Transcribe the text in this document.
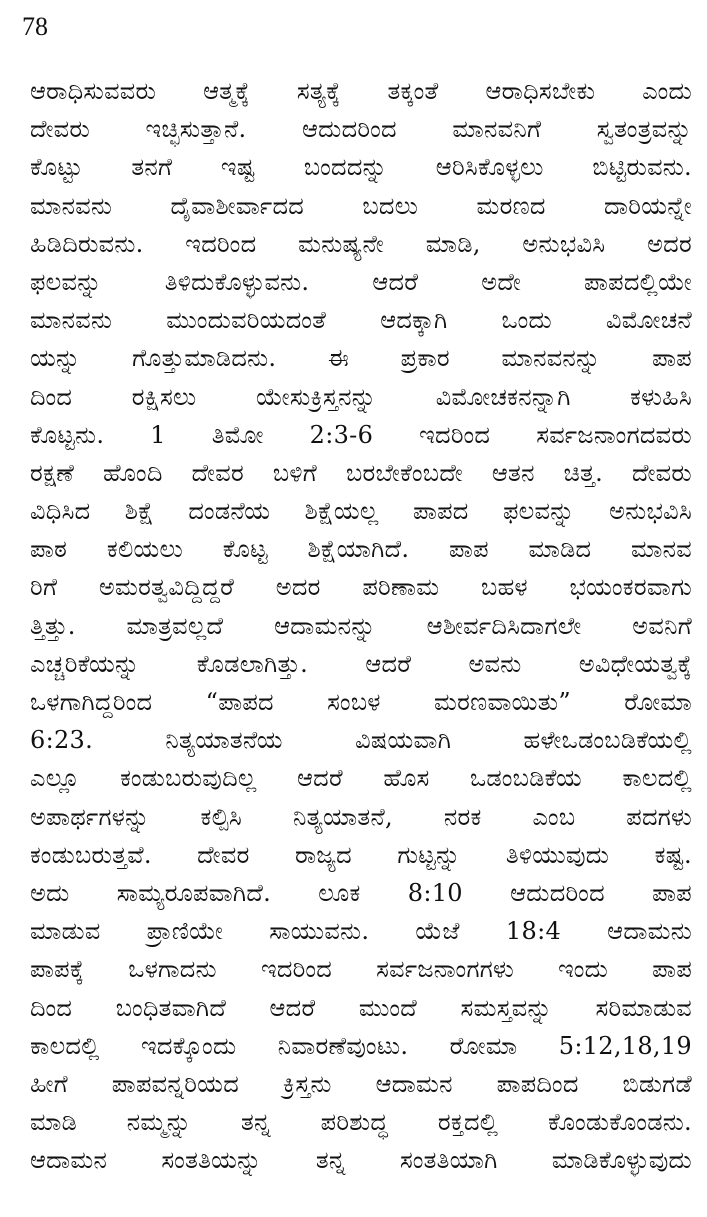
78
ಆರಾಧಿಸುವವರು ಆತ್ಮಕ್ಕೆ ಸತ್ಯಕ್ಕೆ ತಕ್ಕಂತೆ ಆರಾಧಿಸಬೇಕು ಎಂದು
ದೇವರು ಇಚ್ಛಿಸುತ್ತಾನೆ. ಆದುದರಿಂದ ಮಾನವನಿಗೆ ಸ್ವತಂತ್ರವನ್ನು
ಕೊಟ್ಟು ತನಗೆ ಇಷ್ಟ ಬಂದದನ್ನು ಆರಿಸಿಕೊಳ್ಳಲು ಬಿಟ್ಟಿರುವನು.
ಮಾನವನು ದೈವಾಶೀರ್ವಾದದ ಬದಲು ಮರಣದ ದಾರಿಯನ್ನೇ
ಹಿಡಿದಿರುವನು. ಇದರಿಂದ ಮನುಷ್ಯನೇ ಮಾಡಿ, ಅನುಭವಿಸಿ ಅದರ
ಫಲವನ್ನು ತಿಳಿದುಕೊಳ್ಳುವನು. ಆದರೆ ಅದೇ ಪಾಪದಲ್ಲಿಯೇ
ಮಾನವನು ಮುಂದುವರಿಯದಂತೆ ಆದಕ್ಕಾಗಿ ಒಂದು ವಿಮೋಚನೆ
ಯನ್ನು ಗೊತ್ತುಮಾಡಿದನು. ಈ ಪ್ರಕಾರ ಮಾನವನನ್ನು ಪಾಪ
ದಿಂದ ರಕ್ಷಿಸಲು ಯೇಸುಕ್ರಿಸ್ತನನ್ನು ವಿಮೋಚಕನನ್ನಾಗಿ ಕಳುಹಿಸಿ
ಕೊಟ್ಟನು. 1 ತಿಮೋ 2:3-6 ಇದರಿಂದ ಸರ್ವಜನಾಂಗದವರು
ರಕ್ಷಣೆ ಹೊಂದಿ ದೇವರ ಬಳಿಗೆ ಬರಬೇಕೆಂಬದೇ ಆತನ ಚಿತ್ತ. ದೇವರು
ವಿಧಿಸಿದ ಶಿಕ್ಷೆ ದಂಡನೆಯ ಶಿಕ್ಷೆಯಲ್ಲ ಪಾಪದ ಫಲವನ್ನು ಅನುಭವಿಸಿ
ಪಾಠ ಕಲಿಯಲು ಕೊಟ್ಟ ಶಿಕ್ಷೆಯಾಗಿದೆ. ಪಾಪ ಮಾಡಿದ ಮಾನವ
ರಿಗೆ ಅಮರತ್ವವಿದ್ದಿದ್ದರೆ ಅದರ ಪರಿಣಾಮ ಬಹಳ ಭಯಂಕರವಾಗು
ತ್ತಿತ್ತು. ಮಾತ್ರವಲ್ಲದೆ ಆದಾಮನನ್ನು ಆಶೀರ್ವದಿಸಿದಾಗಲೇ ಅವನಿಗೆ
ಎಚ್ಚರಿಕೆಯನ್ನು ಕೊಡಲಾಗಿತ್ತು. ಆದರೆ ಅವನು ಅವಿಧೇಯತ್ವಕ್ಕೆ
ಒಳಗಾಗಿದ್ದರಿಂದ “ಪಾಪದ ಸಂಬಳ ಮರಣವಾಯಿತು” ರೋಮಾ
6:23. ನಿತ್ಯಯಾತನೆಯ ವಿಷಯವಾಗಿ ಹಳೇಒಡಂಬಡಿಕೆಯಲ್ಲಿ
ಎಲ್ಲೂ ಕಂಡುಬರುವುದಿಲ್ಲ ಆದರೆ ಹೊಸ ಒಡಂಬಡಿಕೆಯ ಕಾಲದಲ್ಲಿ
ಅಪಾರ್ಥಗಳನ್ನು ಕಲ್ಪಿಸಿ ನಿತ್ಯಯಾತನೆ, ನರಕ ಎಂಬ ಪದಗಳು
ಕಂಡುಬರುತ್ತವೆ. ದೇವರ ರಾಜ್ಯದ ಗುಟ್ಟನ್ನು ತಿಳಿಯುವುದು ಕಷ್ಟ.
ಅದು ಸಾಮ್ಯರೂಪವಾಗಿದೆ. ಲೂಕ 8:10 ಆದುದರಿಂದ ಪಾಪ
ಮಾಡುವ ಪ್ರಾಣಿಯೇ ಸಾಯುವನು. ಯೆಜೆ 18:4 ಆದಾಮನು
ಪಾಪಕ್ಕೆ ಒಳಗಾದನು ಇದರಿಂದ ಸರ್ವಜನಾಂಗಗಳು ಇಂದು ಪಾಪ
ದಿಂದ ಬಂಧಿತವಾಗಿದೆ ಆದರೆ ಮುಂದೆ ಸಮಸ್ತವನ್ನು ಸರಿಮಾಡುವ
ಕಾಲದಲ್ಲಿ ಇದಕ್ಕೊಂದು ನಿವಾರಣೆವುಂಟು. ರೋಮಾ 5:12,18,19
ಹೀಗೆ ಪಾಪವನ್ನರಿಯದ ಕ್ರಿಸ್ತನು ಆದಾಮನ ಪಾಪದಿಂದ ಬಿಡುಗಡೆ
ಮಾಡಿ ನಮ್ಮನ್ನು ತನ್ನ ಪರಿಶುದ್ಧ ರಕ್ತದಲ್ಲಿ ಕೊಂಡುಕೊಂಡನು.
ಆದಾಮನ ಸಂತತಿಯನ್ನು ತನ್ನ ಸಂತತಿಯಾಗಿ ಮಾಡಿಕೊಳ್ಳುವುದು
